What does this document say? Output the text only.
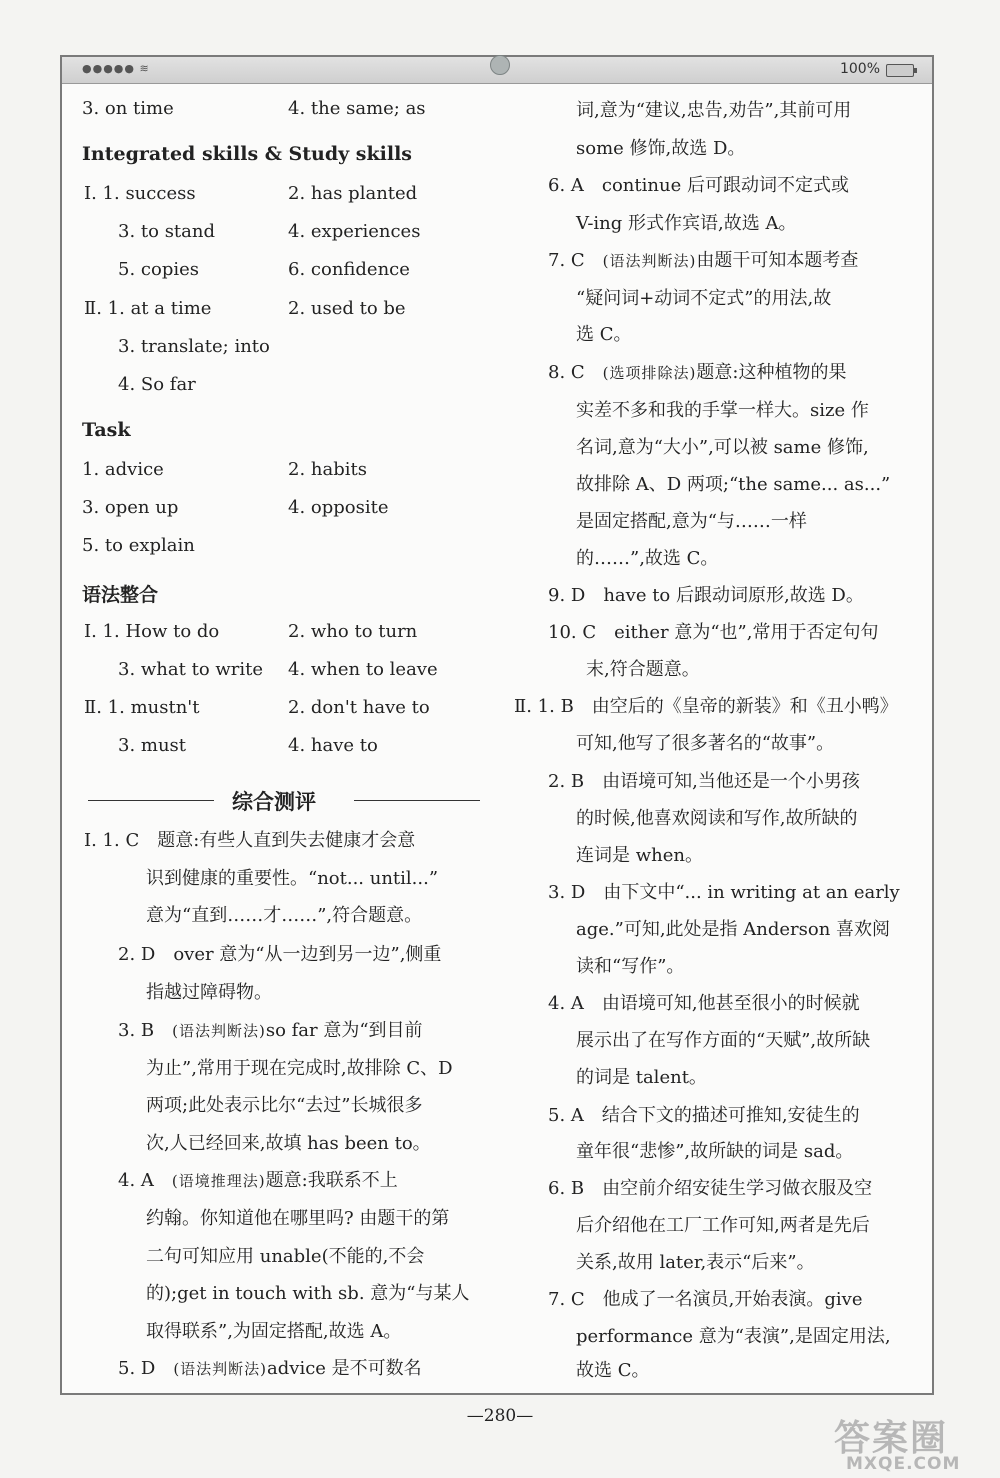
●●●●● ≋	100%
3. on time	4. the same; as
Integrated skills & Study skills
Ⅰ. 1. success	2. has planted
3. to stand	4. experiences
5. copies	6. confidence
Ⅱ. 1. at a time	2. used to be
3. translate; into
4. So far
Task
1. advice	2. habits
3. open up	4. opposite
5. to explain
语法整合
Ⅰ. 1. How to do	2. who to turn
3. what to write 4. when to leave
Ⅱ. 1. mustn't	2. don't have to
3. must	4. have to
综合测评
Ⅰ. 1. C　题意:有些人直到失去健康才会意
识到健康的重要性。“not... until...”
意为“直到……才……”,符合题意。
2. D　over 意为“从一边到另一边”,侧重
指越过障碍物。
3. B　(语法判断法)so far 意为“到目前
为止”,常用于现在完成时,故排除 C、D
两项;此处表示比尔“去过”长城很多
次,人已经回来,故填 has been to。
4. A　(语境推理法)题意:我联系不上
约翰。你知道他在哪里吗? 由题干的第
二句可知应用 unable(不能的,不会
的);get in touch with sb. 意为“与某人
取得联系”,为固定搭配,故选 A。
5. D　(语法判断法)advice 是不可数名
词,意为“建议,忠告,劝告”,其前可用
some 修饰,故选 D。
6. A　continue 后可跟动词不定式或
V-ing 形式作宾语,故选 A。
7. C　(语法判断法)由题干可知本题考查
“疑问词+动词不定式”的用法,故
选 C。
8. C　(选项排除法)题意:这种植物的果
实差不多和我的手掌一样大。size 作
名词,意为“大小”,可以被 same 修饰,
故排除 A、D 两项;“the same... as...”
是固定搭配,意为“与……一样
的……”,故选 C。
9. D　have to 后跟动词原形,故选 D。
10. C　either 意为“也”,常用于否定句句
末,符合题意。
Ⅱ. 1. B　由空后的《皇帝的新装》和《丑小鸭》
可知,他写了很多著名的“故事”。
2. B　由语境可知,当他还是一个小男孩
的时候,他喜欢阅读和写作,故所缺的
连词是 when。
3. D　由下文中“... in writing at an early
age.”可知,此处是指 Anderson 喜欢阅
读和“写作”。
4. A　由语境可知,他甚至很小的时候就
展示出了在写作方面的“天赋”,故所缺
的词是 talent。
5. A　结合下文的描述可推知,安徒生的
童年很“悲惨”,故所缺的词是 sad。
6. B　由空前介绍安徒生学习做衣服及空
后介绍他在工厂工作可知,两者是先后
关系,故用 later,表示“后来”。
7. C　他成了一名演员,开始表演。give
performance 意为“表演”,是固定用法,
故选 C。
—280—
答案圈
MXQE.COM
